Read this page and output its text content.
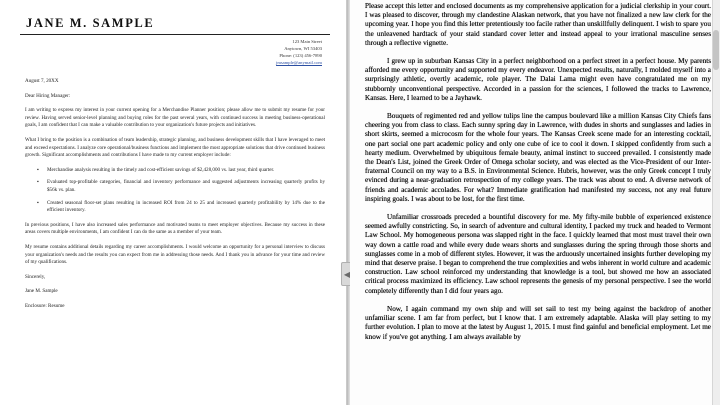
JANE M. SAMPLE
123 Main Street
Anytown, WI 53403
Phone: (123) 456-7890
jmsample@anymail.com

August 7, 20XX

Dear Hiring Manager:

I am writing to express my interest in your current opening for a Merchandise Planner position; please allow me to submit my resume for your review. Having served senior-level planning and buying roles for the past several years, with continued success in meeting business-operational goals, I am confident that I can make a valuable contribution to your organization's future projects and initiatives.

What I bring to the position is a combination of team leadership, strategic planning, and business development skills that I have leveraged to meet and exceed expectations. I analyze core operational/business functions and implement the most appropriate solutions that drive continued business growth. Significant accomplishments and contributions I have made to my current employer include:

▪ Merchandise analysis resulting in the timely and cost-efficient savings of $2,428,000 vs. last year, third quarter.
▪ Evaluated top-profitable categories, financial and inventory performance and suggested adjustments increasing quarterly profits by $56k vs. plan.
▪ Created seasonal floor-set plans resulting in increased ROI from 24 to 25 and increased quarterly profitability by 14% due to the efficient inventory.

In previous positions, I have also increased sales performance and motivated teams to meet employer objectives. Because my success in these areas covers multiple environments, I am confident I can do the same as a member of your team.

My resume contains additional details regarding my career accomplishments. I would welcome an opportunity for a personal interview to discuss your organization's needs and the results you can expect from me in addressing those needs. And I thank you in advance for your time and review of my qualifications.

Sincerely,

Jane M. Sample

Enclosure: Resume

◀

Please accept this letter and enclosed documents as my comprehensive application for a judicial clerkship in your court. I was pleased to discover, through my clandestine Alaskan network, that you have not finalized a new law clerk for the upcoming year. I hope you find this letter pretentiously too facile rather than unskillfully delinquent. I wish to spare you the unleavened hardtack of your staid standard cover letter and instead appeal to your irrational masculine senses through a reflective vignette.

I grew up in suburban Kansas City in a perfect neighborhood on a perfect street in a perfect house. My parents afforded me every opportunity and supported my every endeavor. Unexpected results, naturally, I molded myself into a surprisingly athletic, overtly academic, role player. The Dalai Lama might even have congratulated me on my stubbornly unconventional perspective. Accorded in a passion for the sciences, I followed the tracks to Lawrence, Kansas. Here, I learned to be a Jayhawk.

Bouquets of regimented red and yellow tulips line the campus boulevard like a million Kansas City Chiefs fans cheering you from class to class. Each sunny spring day in Lawrence, with dudes in shorts and sunglasses and ladies in short skirts, seemed a microcosm for the whole four years. The Kansas Creek scene made for an interesting cocktail, one part social one part academic policy and only one cube of ice to cool it down. I skipped confidently from such a hearty medium. Overwhelmed by ubiquitous female beauty, animal instinct to succeed prevailed. I consistently made the Dean's List, joined the Greek Order of Omega scholar society, and was elected as the Vice-President of our Inter-fraternal Council on my way to a B.S. in Environmental Science. Hubris, however, was the only Greek concept I truly evinced during a near-graduation retrospection of my college years. The track was about to end. A diverse network of friends and academic accolades. For what? Immediate gratification had manifested my success, not any real future inspiring goals. I was about to be lost, for the first time.

Unfamiliar crossroads preceded a bountiful discovery for me. My fifty-mile bubble of experienced existence seemed awfully constricting. So, in search of adventure and cultural identity, I packed my truck and headed to Vermont Law School. My homogeneous persona was slapped right in the face. I quickly learned that most must travel their own way down a cattle road and while every dude wears shorts and sunglasses during the spring through those shorts and sunglasses come in a mob of different styles. However, it was the arduously uncertained insights further developing my mind that deserve praise. I began to comprehend the true complexities and webs inherent in world culture and academic construction. Law school reinforced my understanding that knowledge is a tool, but showed me how an associated critical process maximized its efficiency. Law school represents the genesis of my personal perspective. I see the world completely differently than I did four years ago.

Now, I again command my own ship and will set sail to test my being against the backdrop of another unfamiliar scene. I am far from perfect, but I know that. I am extremely adaptable. Alaska will play setting to my further evolution. I plan to move at the latest by August 1, 2015. I must find gainful and beneficial employment. Let me know if you've got anything. I am always available by
